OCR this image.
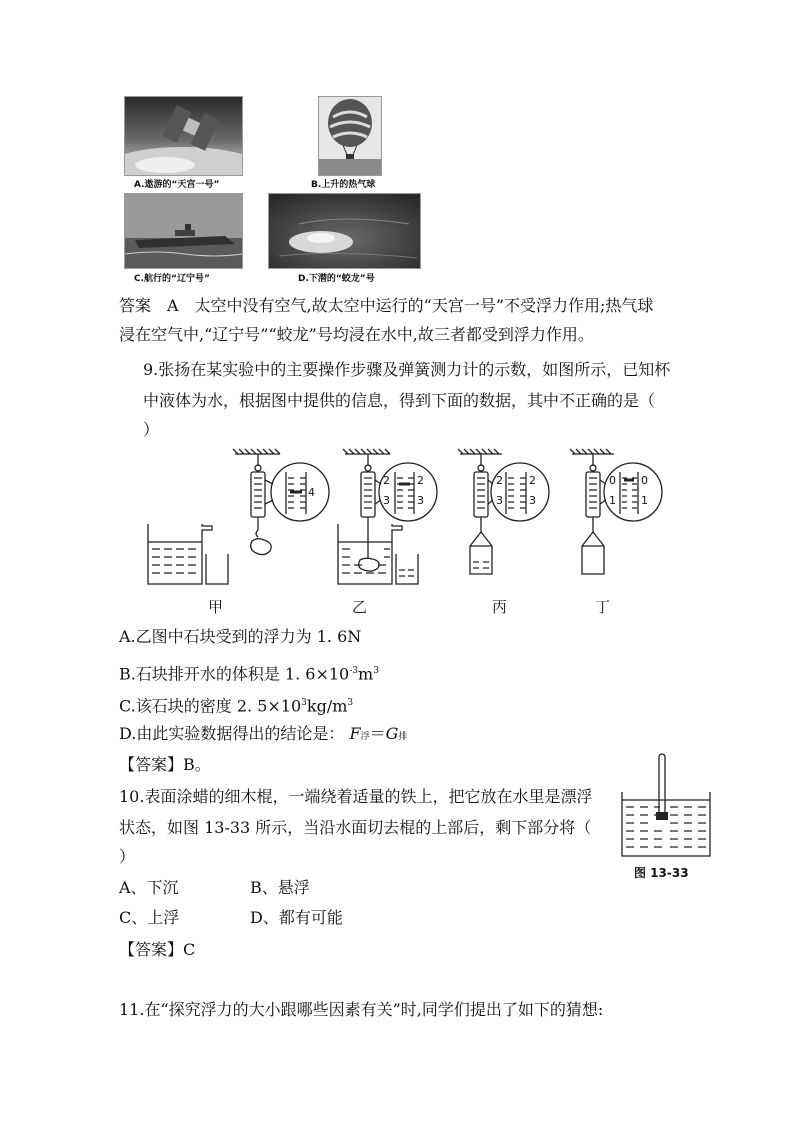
A.遨游的“天宫一号”	B.上升的热气球
C.航行的“辽宁号”	D.下潜的“蛟龙”号
答案　A　太空中没有空气,故太空中运行的“天宫一号”不受浮力作用;热气球
浸在空气中,“辽宁号”“蛟龙”号均浸在水中,故三者都受到浮力作用。
9.张扬在某实验中的主要操作步骤及弹簧测力计的示数，如图所示，已知杯
中液体为水，根据图中提供的信息，得到下面的数据，其中不正确的是（
）
4
2
3
2
3
2
3
2
3
0
1
0
1
甲	乙	丙	丁
A.乙图中石块受到的浮力为 1. 6N
B.石块排开水的体积是 1. $6\times 10^{-3}m^3$
C.该石块的密度 2. $5\times 10^3kg/m^3$
D.由此实验数据得出的结论是： F浮＝G排
【答案】B。
10.表面涂蜡的细木棍，一端绕着适量的铁上，把它放在水里是漂浮
状态，如图 13-33 所示，当沿水面切去棍的上部后，剩下部分将（
）
图 13-33
A、下沉	B、悬浮
C、上浮	D、都有可能
【答案】C
11.在“探究浮力的大小跟哪些因素有关”时,同学们提出了如下的猜想:
